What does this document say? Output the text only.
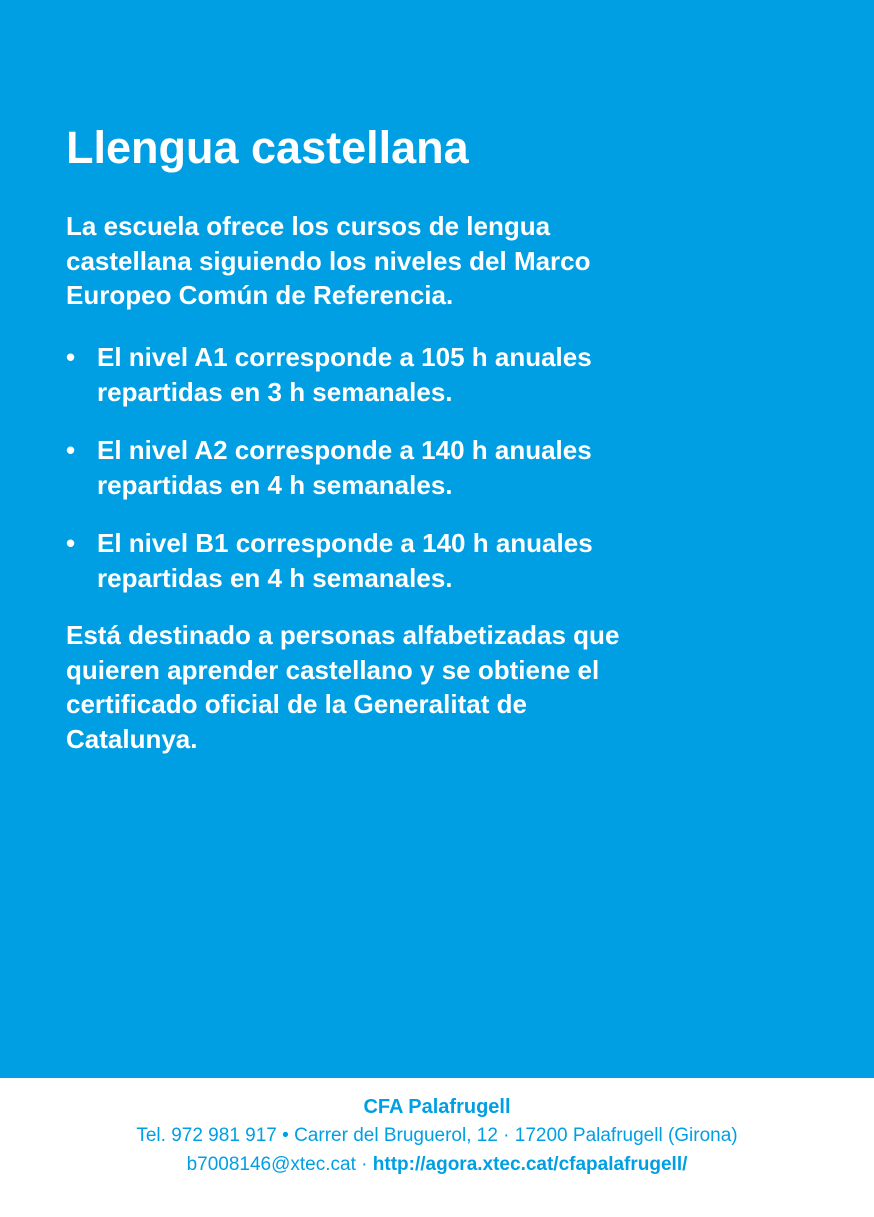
Llengua castellana

La escuela ofrece los cursos de lengua
castellana siguiendo los niveles del Marco
Europeo Común de Referencia.

• El nivel A1 corresponde a 105 h anuales
repartidas en 3 h semanales.
• El nivel A2 corresponde a 140 h anuales
repartidas en 4 h semanales.
• El nivel B1 corresponde a 140 h anuales
repartidas en 4 h semanales.

Está destinado a personas alfabetizadas que
quieren aprender castellano y se obtiene el
certificado oficial de la Generalitat de
Catalunya.

CFA Palafrugell
Tel. 972 981 917 • Carrer del Bruguerol, 12 · 17200 Palafrugell (Girona)
b7008146@xtec.cat · http://agora.xtec.cat/cfapalafrugell/
